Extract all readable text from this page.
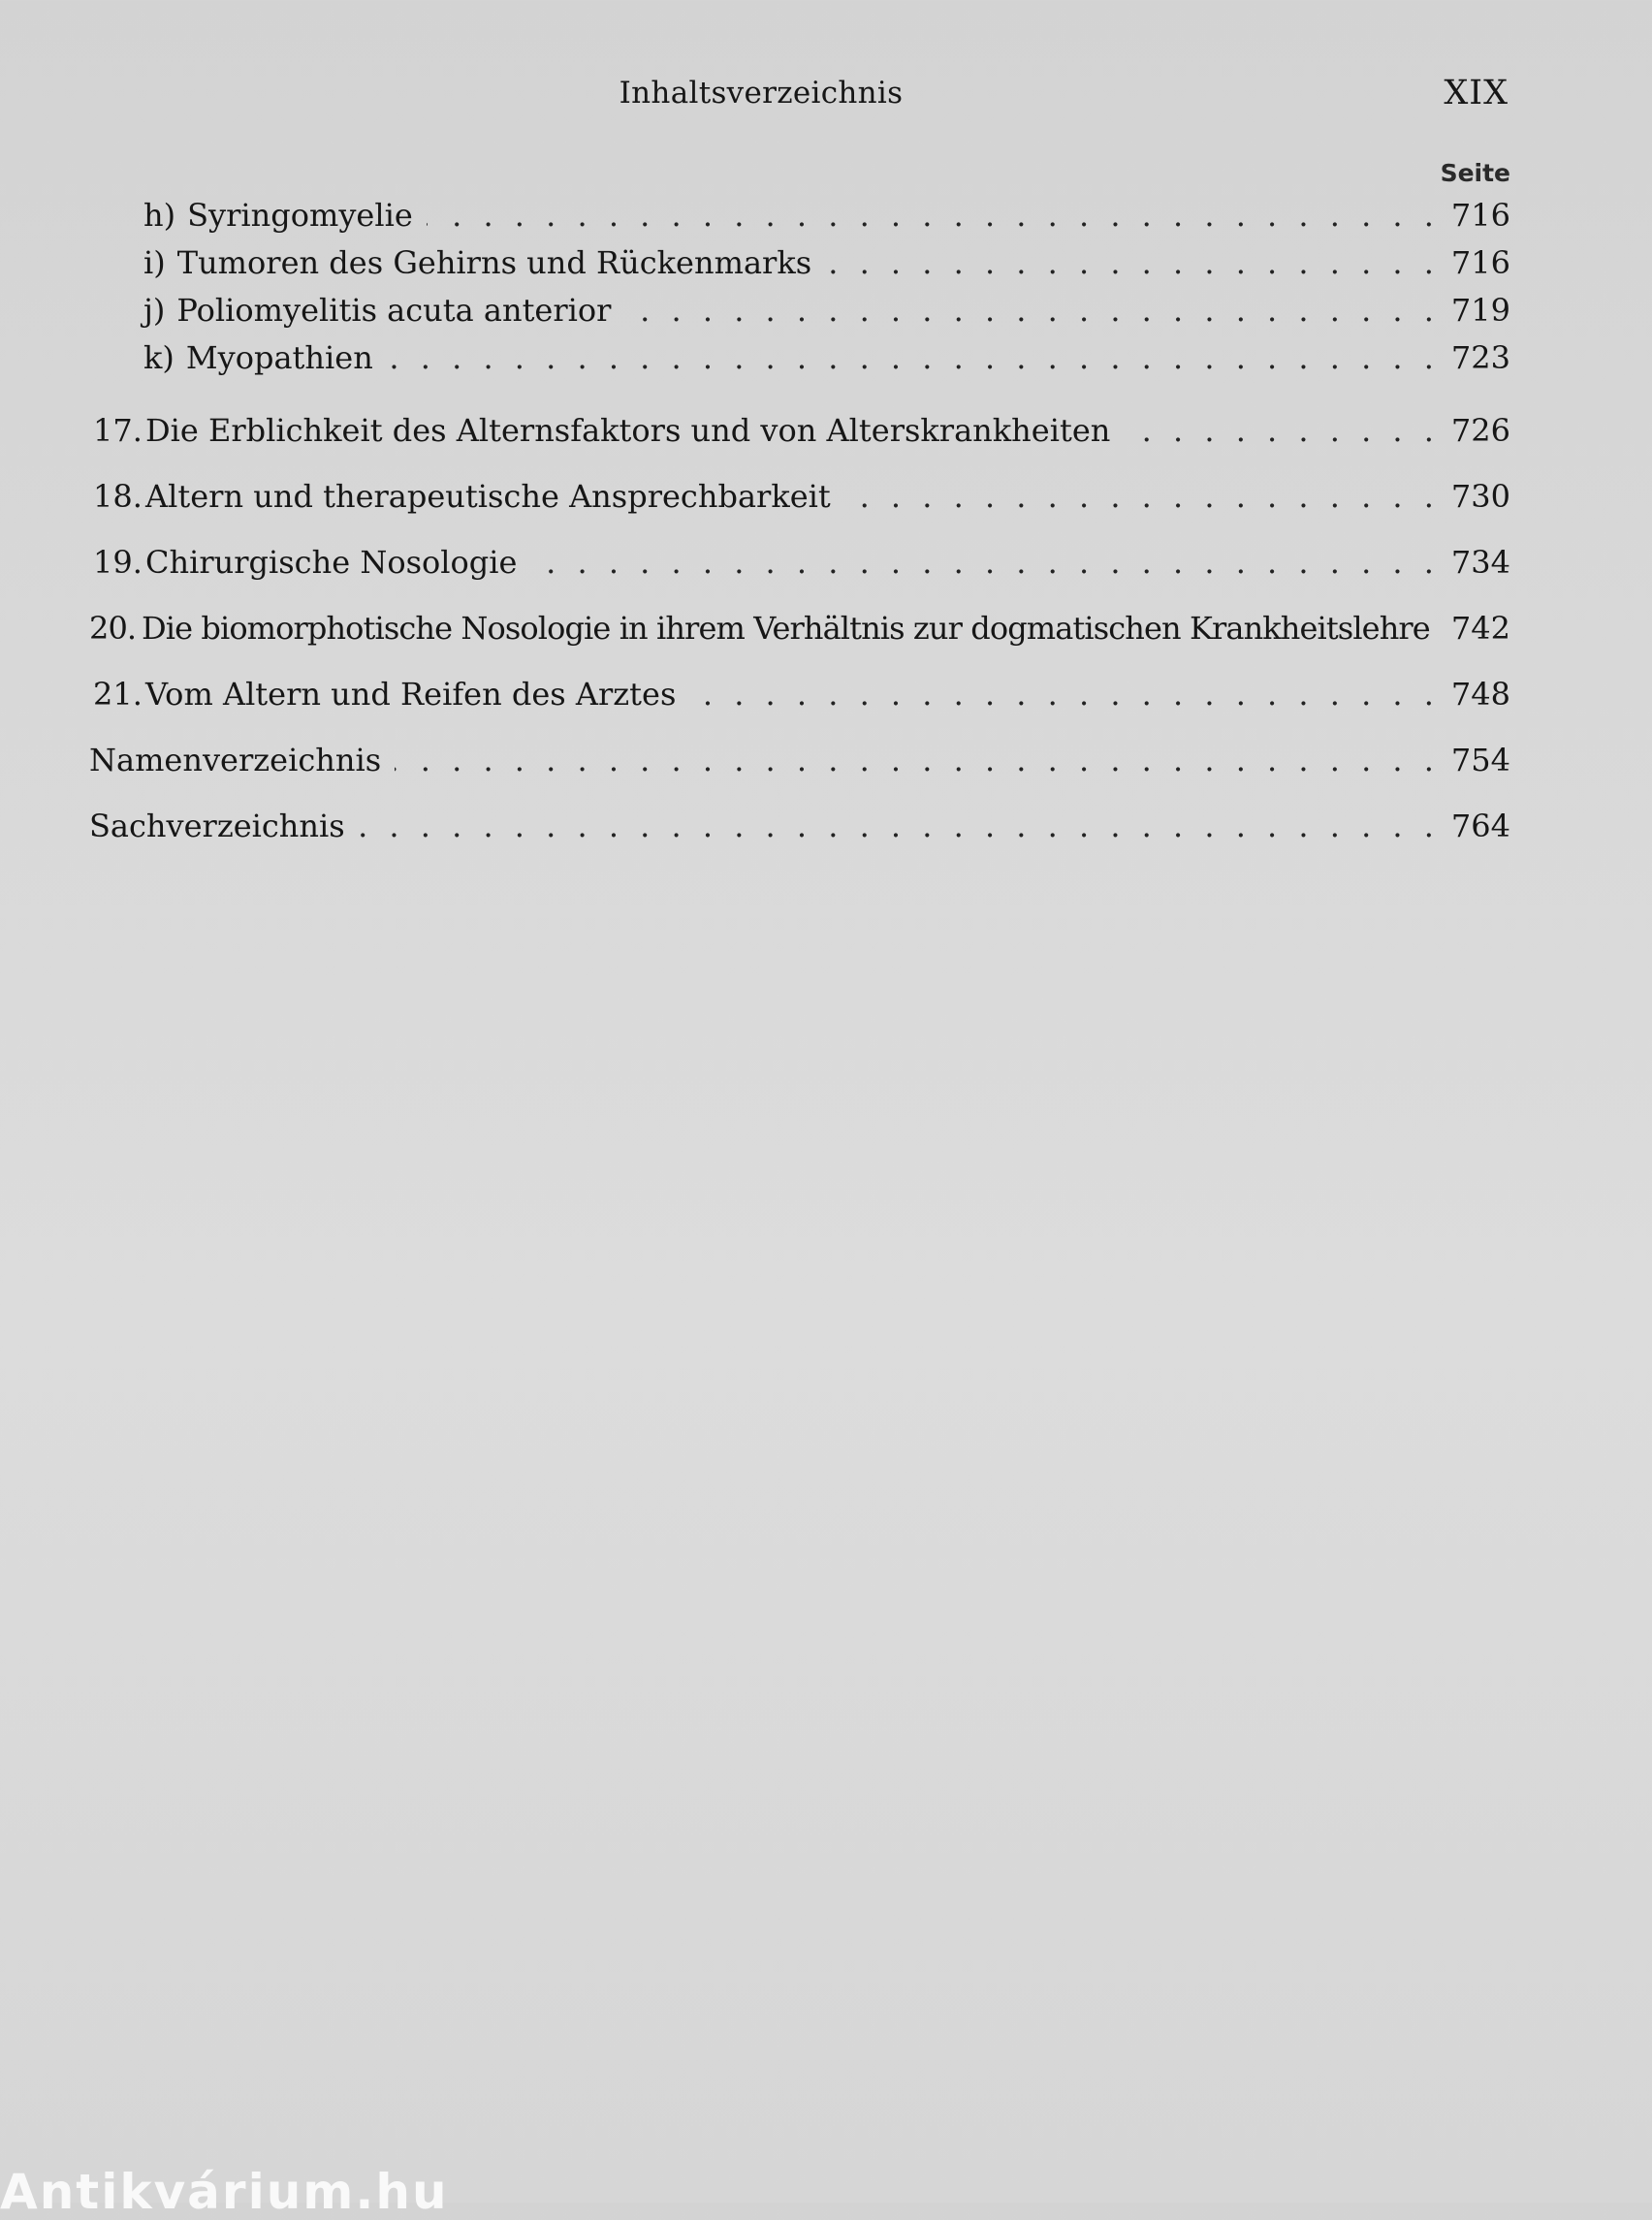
Inhaltsverzeichnis	XIX
Seite
h) Syringomyelie . . .	716
i) Tumoren des Gehirns und Rückenmarks . . .	716
j) Poliomyelitis acuta anterior . . .	719
k) Myopathien . . .	723
17. Die Erblichkeit des Alternsfaktors und von Alterskrankheiten . . .	726
18. Altern und therapeutische Ansprechbarkeit . . .	730
19. Chirurgische Nosologie . . .	734
20. Die biomorphotische Nosologie in ihrem Verhältnis zur dogmatischen Krankheitslehre 742
21. Vom Altern und Reifen des Arztes . . .	748
Namenverzeichnis . . .	754
Sachverzeichnis . . .	764
Antikvárium.hu
